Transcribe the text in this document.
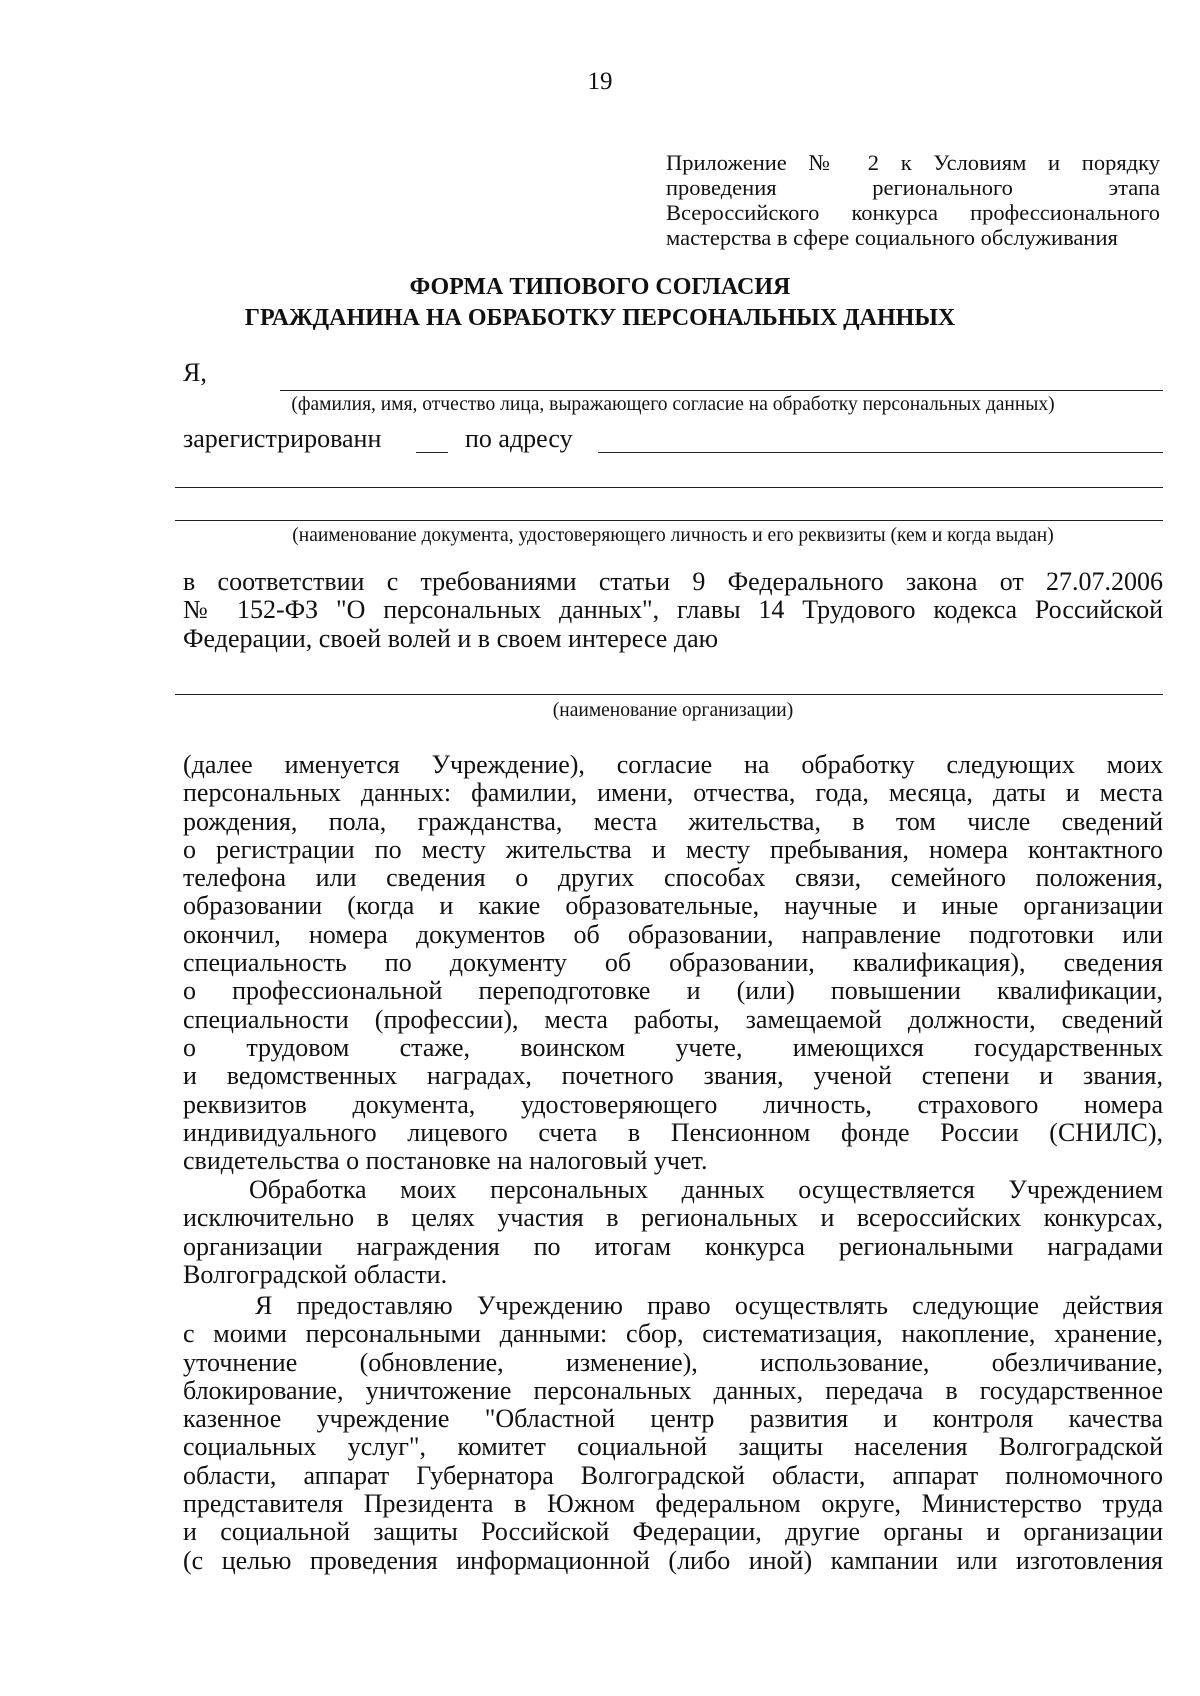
19
Приложение № 2 к Условиям и порядку
проведения регионального этапа
Всероссийского конкурса профессионального
мастерства в сфере социального обслуживания
ФОРМА ТИПОВОГО СОГЛАСИЯ
ГРАЖДАНИНА НА ОБРАБОТКУ ПЕРСОНАЛЬНЫХ ДАННЫХ
Я,
(фамилия, имя, отчество лица, выражающего согласие на обработку персональных данных)
зарегистрированн	по адресу
(наименование документа, удостоверяющего личность и его реквизиты (кем и когда выдан)
в соответствии с требованиями статьи 9 Федерального закона от 27.07.2006
№ 152-ФЗ "О персональных данных", главы 14 Трудового кодекса Российской
Федерации, своей волей и в своем интересе даю
(наименование организации)
(далее именуется Учреждение), согласие на обработку следующих моих
персональных данных: фамилии, имени, отчества, года, месяца, даты и места
рождения, пола, гражданства, места жительства, в том числе сведений
о регистрации по месту жительства и месту пребывания, номера контактного
телефона или сведения о других способах связи, семейного положения,
образовании (когда и какие образовательные, научные и иные организации
окончил, номера документов об образовании, направление подготовки или
специальность по документу об образовании, квалификация), сведения
о профессиональной переподготовке и (или) повышении квалификации,
специальности (профессии), места работы, замещаемой должности, сведений
о трудовом стаже, воинском учете, имеющихся государственных
и ведомственных наградах, почетного звания, ученой степени и звания,
реквизитов документа, удостоверяющего личность, страхового номера
индивидуального лицевого счета в Пенсионном фонде России (СНИЛС),
свидетельства о постановке на налоговый учет.
Обработка моих персональных данных осуществляется Учреждением
исключительно в целях участия в региональных и всероссийских конкурсах,
организации награждения по итогам конкурса региональными наградами
Волгоградской области.
Я предоставляю Учреждению право осуществлять следующие действия
с моими персональными данными: сбор, систематизация, накопление, хранение,
уточнение (обновление, изменение), использование, обезличивание,
блокирование, уничтожение персональных данных, передача в государственное
казенное учреждение "Областной центр развития и контроля качества
социальных услуг", комитет социальной защиты населения Волгоградской
области, аппарат Губернатора Волгоградской области, аппарат полномочного
представителя Президента в Южном федеральном округе, Министерство труда
и социальной защиты Российской Федерации, другие органы и организации
(с целью проведения информационной (либо иной) кампании или изготовления
